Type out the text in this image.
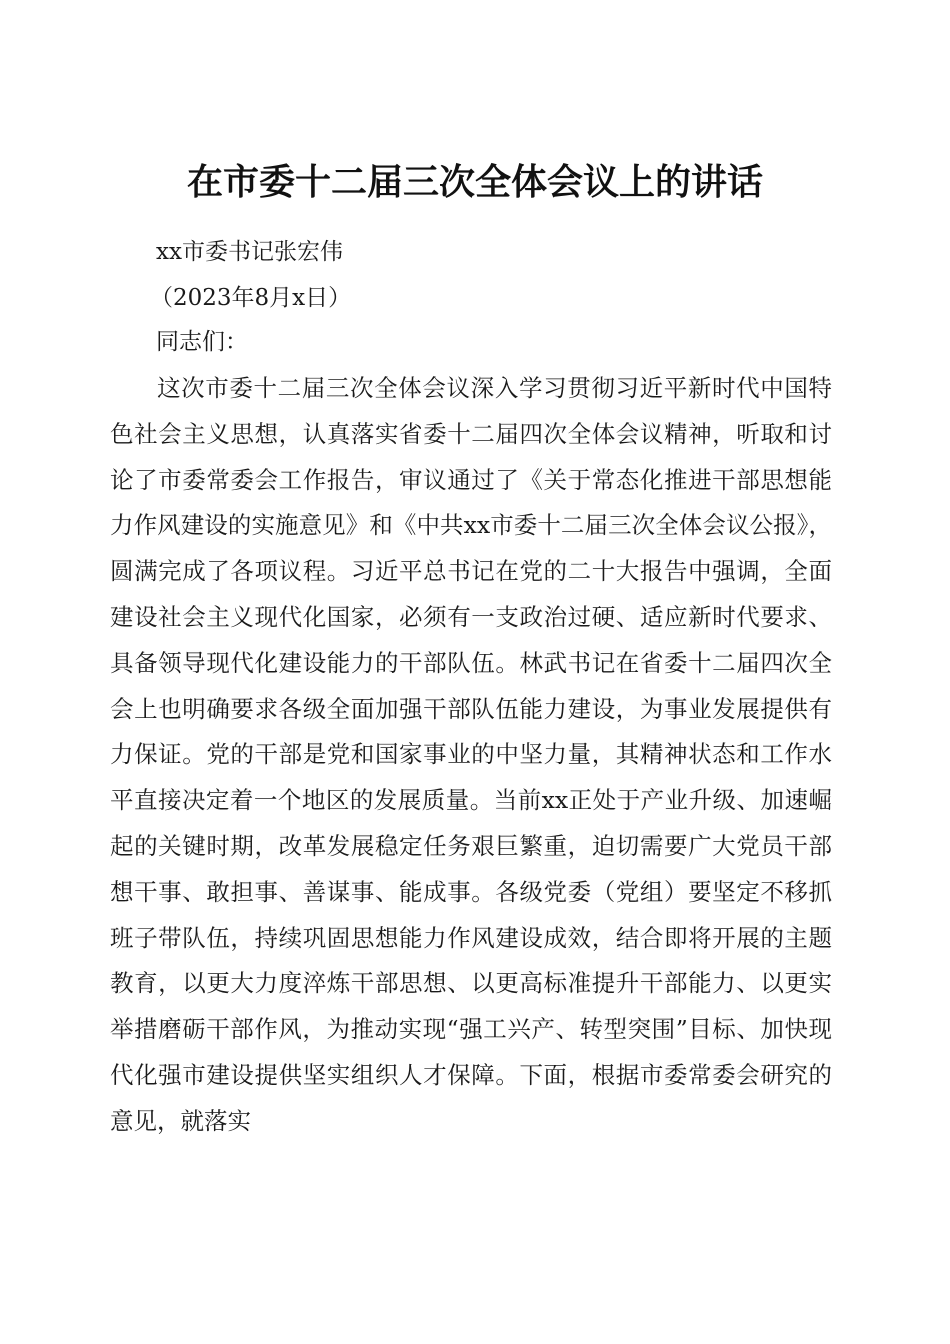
在市委十二届三次全体会议上的讲话
xx市委书记张宏伟
（2023年8月x日）
同志们：

这次市委十二届三次全体会议深入学习贯彻习近平新时代中国特色社会主义思想，认真落实省委十二届四次全体会议精神，听取和讨论了市委常委会工作报告，审议通过了《关于常态化推进干部思想能力作风建设的实施意见》和《中共xx市委十二届三次全体会议公报》，圆满完成了各项议程。习近平总书记在党的二十大报告中强调，全面建设社会主义现代化国家，必须有一支政治过硬、适应新时代要求、具备领导现代化建设能力的干部队伍。林武书记在省委十二届四次全会上也明确要求各级全面加强干部队伍能力建设，为事业发展提供有力保证。党的干部是党和国家事业的中坚力量，其精神状态和工作水平直接决定着一个地区的发展质量。当前xx正处于产业升级、加速崛起的关键时期，改革发展稳定任务艰巨繁重，迫切需要广大党员干部想干事、敢担事、善谋事、能成事。各级党委（党组）要坚定不移抓班子带队伍，持续巩固思想能力作风建设成效，结合即将开展的主题教育，以更大力度淬炼干部思想、以更高标准提升干部能力、以更实举措磨砺干部作风，为推动实现“强工兴产、转型突围”目标、加快现代化强市建设提供坚实组织人才保障。下面，根据市委常委会研究的意见，就落实
